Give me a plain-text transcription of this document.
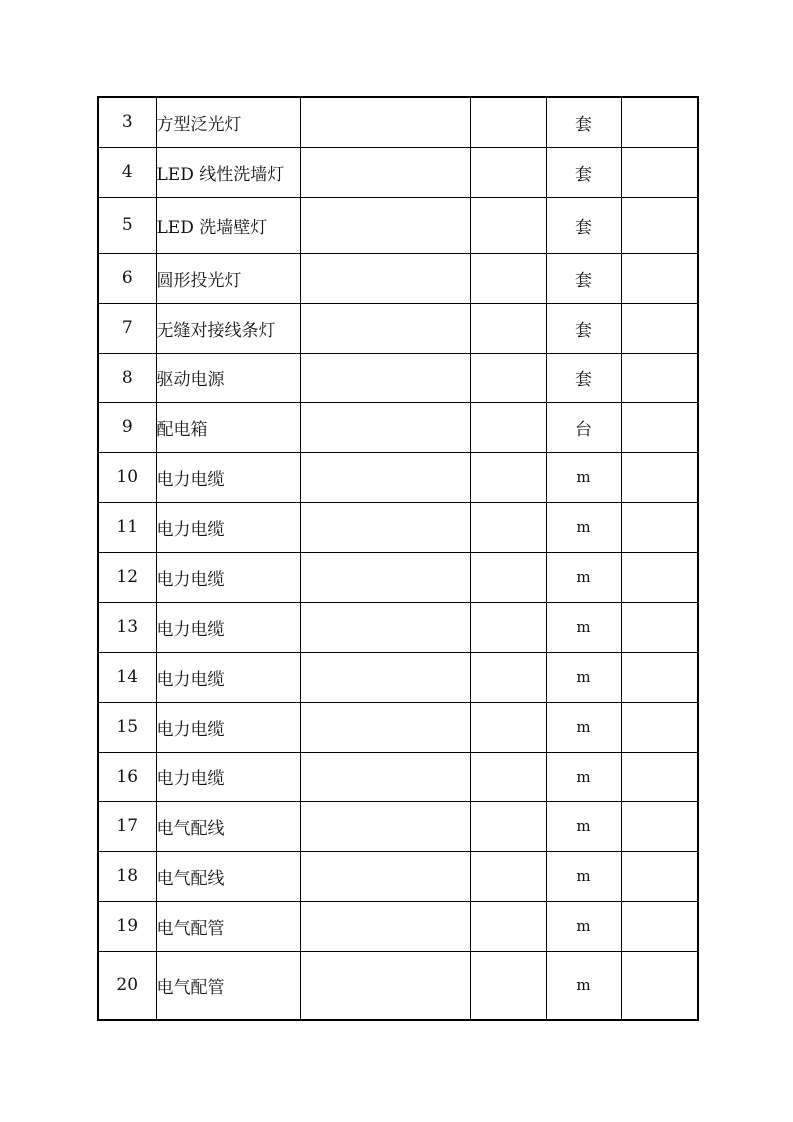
3	方型泛光灯			套	
4	LED 线性洗墙灯			套	
5	LED 洗墙壁灯			套	
6	圆形投光灯			套	
7	无缝对接线条灯			套	
8	驱动电源			套	
9	配电箱			台	
10	电力电缆			m	
11	电力电缆			m	
12	电力电缆			m	
13	电力电缆			m	
14	电力电缆			m	
15	电力电缆			m	
16	电力电缆			m	
17	电气配线			m	
18	电气配线			m	
19	电气配管			m	
20	电气配管			m	
